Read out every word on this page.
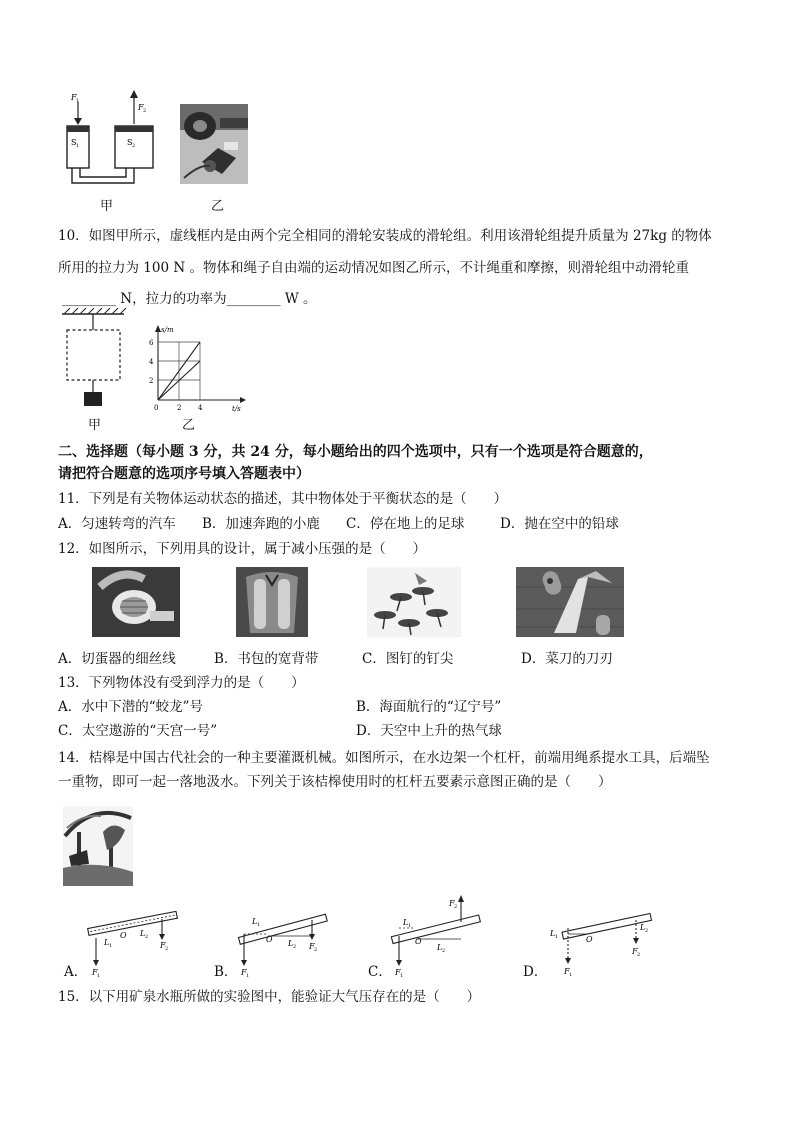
F 1
F 2
S 1	S 2
甲	乙
10．如图甲所示，虚线框内是由两个完全相同的滑轮安装成的滑轮组。利用该滑轮组提升质量为 27kg 的物体
所用的拉力为 100 N 。物体和绳子自由端的运动情况如图乙所示，不计绳重和摩擦，则滑轮组中动滑轮重
________ N，拉力的功率为________ W 。
s/m
t/s
2
4
6
0	2 4
甲	乙
二、选择题（每小题 3 分，共 24 分，每小题给出的四个选项中，只有一个选项是符合题意的，
请把符合题意的选项序号填入答题表中）
11．下列是有关物体运动状态的描述，其中物体处于平衡状态的是（　　）
A．匀速转弯的汽车 B．加速奔跑的小鹿 C．停在地上的足球	D．抛在空中的铅球
12．如图所示，下列用具的设计，属于减小压强的是（　　）
A．切蛋器的细丝线	B．书包的宽背带	C．图钉的钉尖	D．菜刀的刀刃
13．下列物体没有受到浮力的是（　　）
A．水中下潜的“蛟龙”号	B．海面航行的“辽宁号”
C．太空遨游的“天宫一号”	D．天空中上升的热气球
14．桔槔是中国古代社会的一种主要灌溉机械。如图所示，在水边架一个杠杆，前端用绳系提水工具，后端坠
一重物，即可一起一落地汲水。下列关于该桔槔使用时的杠杆五要素示意图正确的是（　　）
L 1
O L 2
F 2
F 1
A．
L 1
O L 2 F 2
F 1
B．
L 1
O
L 2
F 2
F 1
C．
L 1	O
L 2
F 2
F 1
D．
15．以下用矿泉水瓶所做的实验图中，能验证大气压存在的是（　　）
